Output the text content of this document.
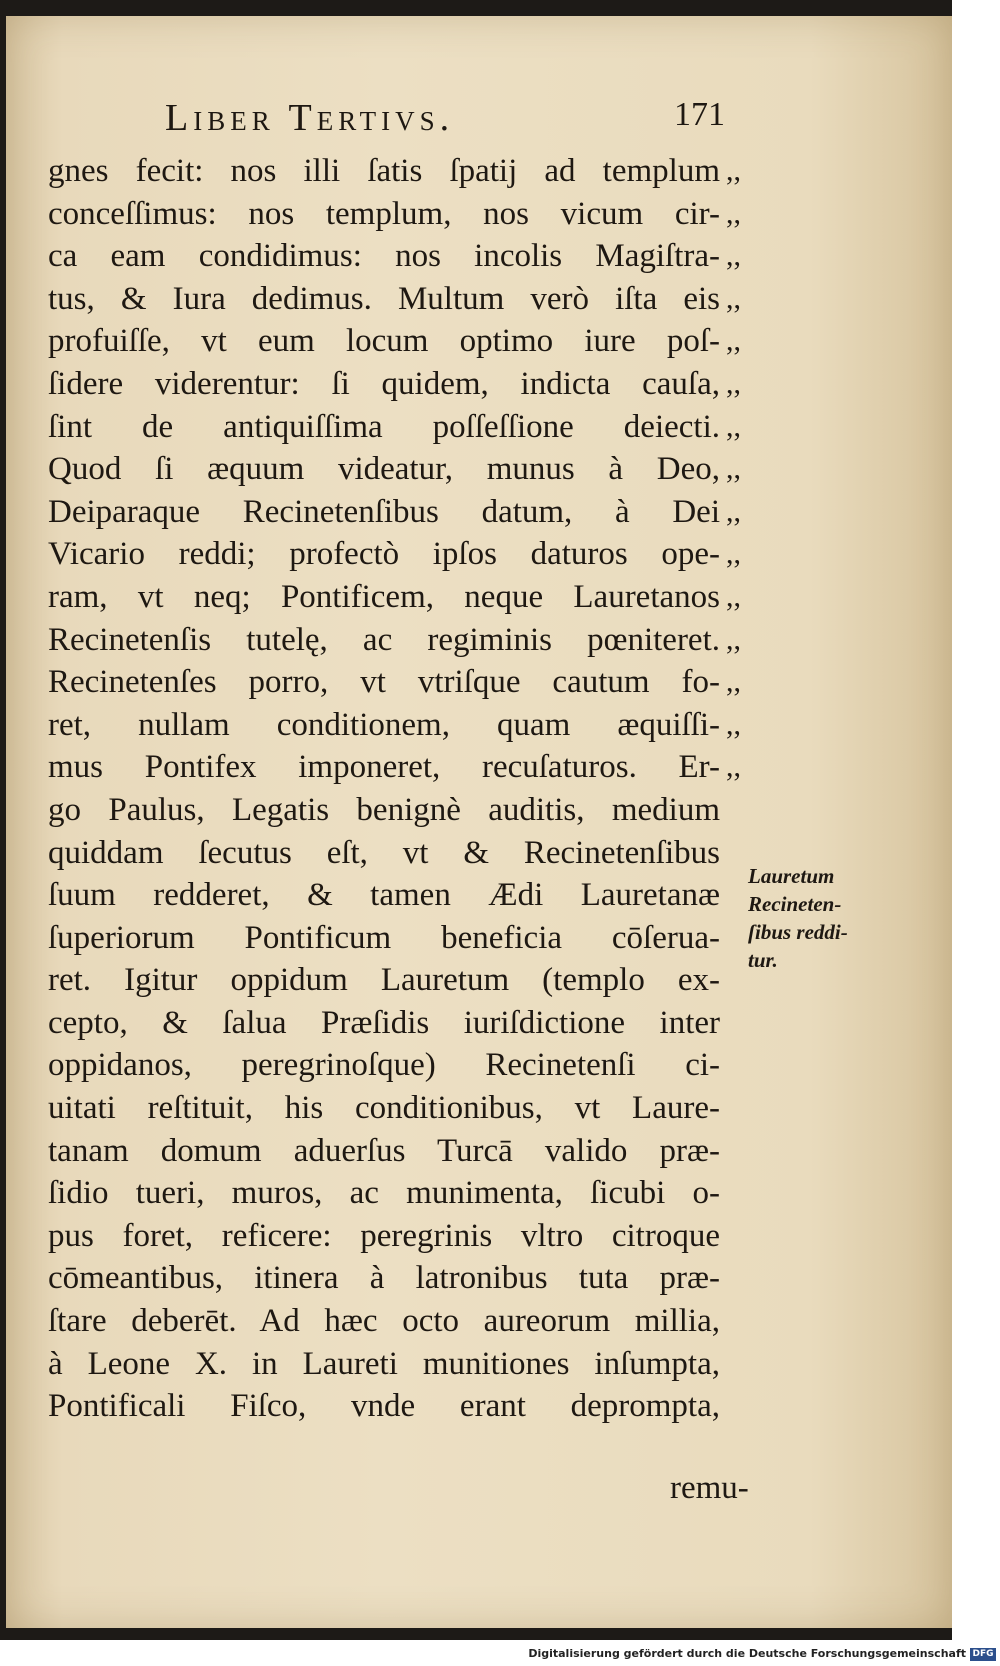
Liber Tertivs.	171
gnes fecit: nos illi ſatis ſpatij ad templum ,,
conceſſimus: nos templum, nos vicum cir- ,,
ca eam condidimus: nos incolis Magiſtra- ,,
tus, & Iura dedimus. Multum verò iſta eis ,,
profuiſſe, vt eum locum optimo iure poſ- ,,
ſidere viderentur: ſi quidem, indicta cauſa, ,,
ſint de antiquiſſima poſſeſſione deiecti. ,,
Quod ſi æquum videatur, munus à Deo, ,,
Deiparaque Recinetenſibus datum, à Dei ,,
Vicario reddi; profectò ipſos daturos ope- ,,
ram, vt neq; Pontificem, neque Lauretanos ,,
Recinetenſis tutelę, ac regiminis pœniteret. ,,
Recinetenſes porro, vt vtriſque cautum fo- ,,
ret, nullam conditionem, quam æquiſſi- ,,
mus Pontifex imponeret, recuſaturos. Er- ,,
go Paulus, Legatis benignè auditis, medium
quiddam ſecutus eſt, vt & Recinetenſibus
ſuum redderet, & tamen Ædi Lauretanæ
ſuperiorum Pontificum beneficia cōſerua-
ret. Igitur oppidum Lauretum (templo ex-
cepto, & ſalua Præſidis iuriſdictione inter
oppidanos, peregrinoſque) Recinetenſi ci-
uitati reſtituit, his conditionibus, vt Laure-
tanam domum aduerſus Turcā valido præ-
ſidio tueri, muros, ac munimenta, ſicubi o-
pus foret, reficere: peregrinis vltro citroque
cōmeantibus, itinera à latronibus tuta præ-
ſtare deberēt. Ad hæc octo aureorum millia,
à Leone X. in Laureti munitiones inſumpta,
Pontificali Fiſco, vnde erant deprompta,
Lauretum
Recineten-
ſibus reddi-
tur.
remu-
Digitalisierung gefördert durch die Deutsche Forschungsgemeinschaft DFG
